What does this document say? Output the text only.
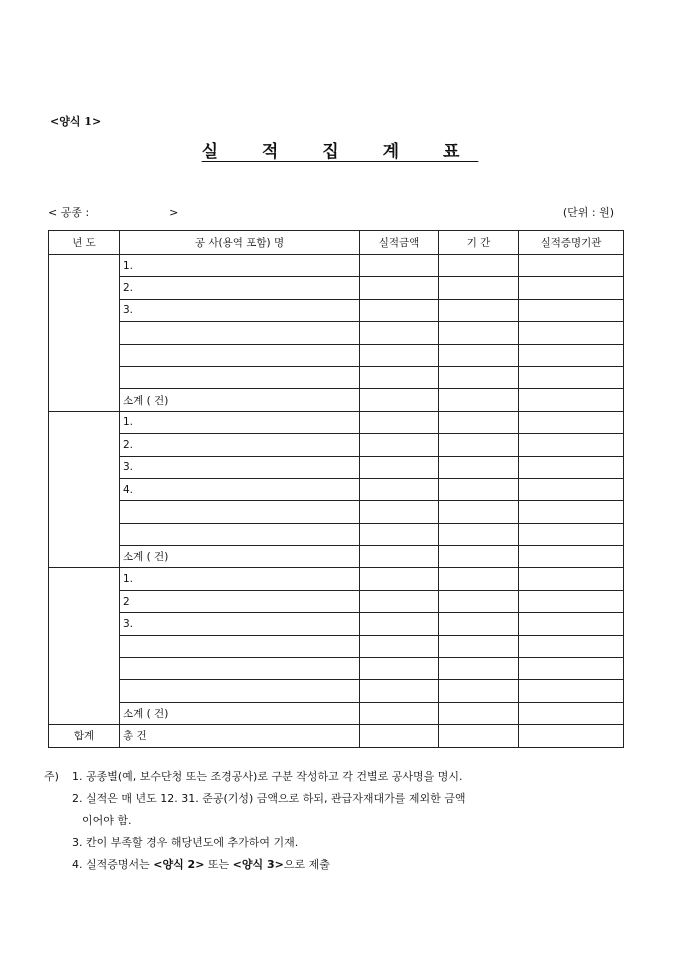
<양식 1>
실 적 집 계 표
< 공종 :	>	(단위 : 원)
년 도	공 사(용역 포함) 명	실적금액	기 간	실적증명기관
	1.			
	2.			
	3.			

	소계 ( 건)			
	1.			
	2.			
	3.			
	4.			

	소계 ( 건)			
	1.			
	2			
	3.			

	소계 ( 건)			
합계	총 건			
주) 1. 공종별(예, 보수단청 또는 조경공사)로 구분 작성하고 각 건별로 공사명을 명시.
2. 실적은 매 년도 12. 31. 준공(기성) 금액으로 하되, 관급자재대가를 제외한 금액
이어야 함.
3. 칸이 부족할 경우 해당년도에 추가하여 기재.
4. 실적증명서는 <양식 2> 또는 <양식 3>으로 제출
